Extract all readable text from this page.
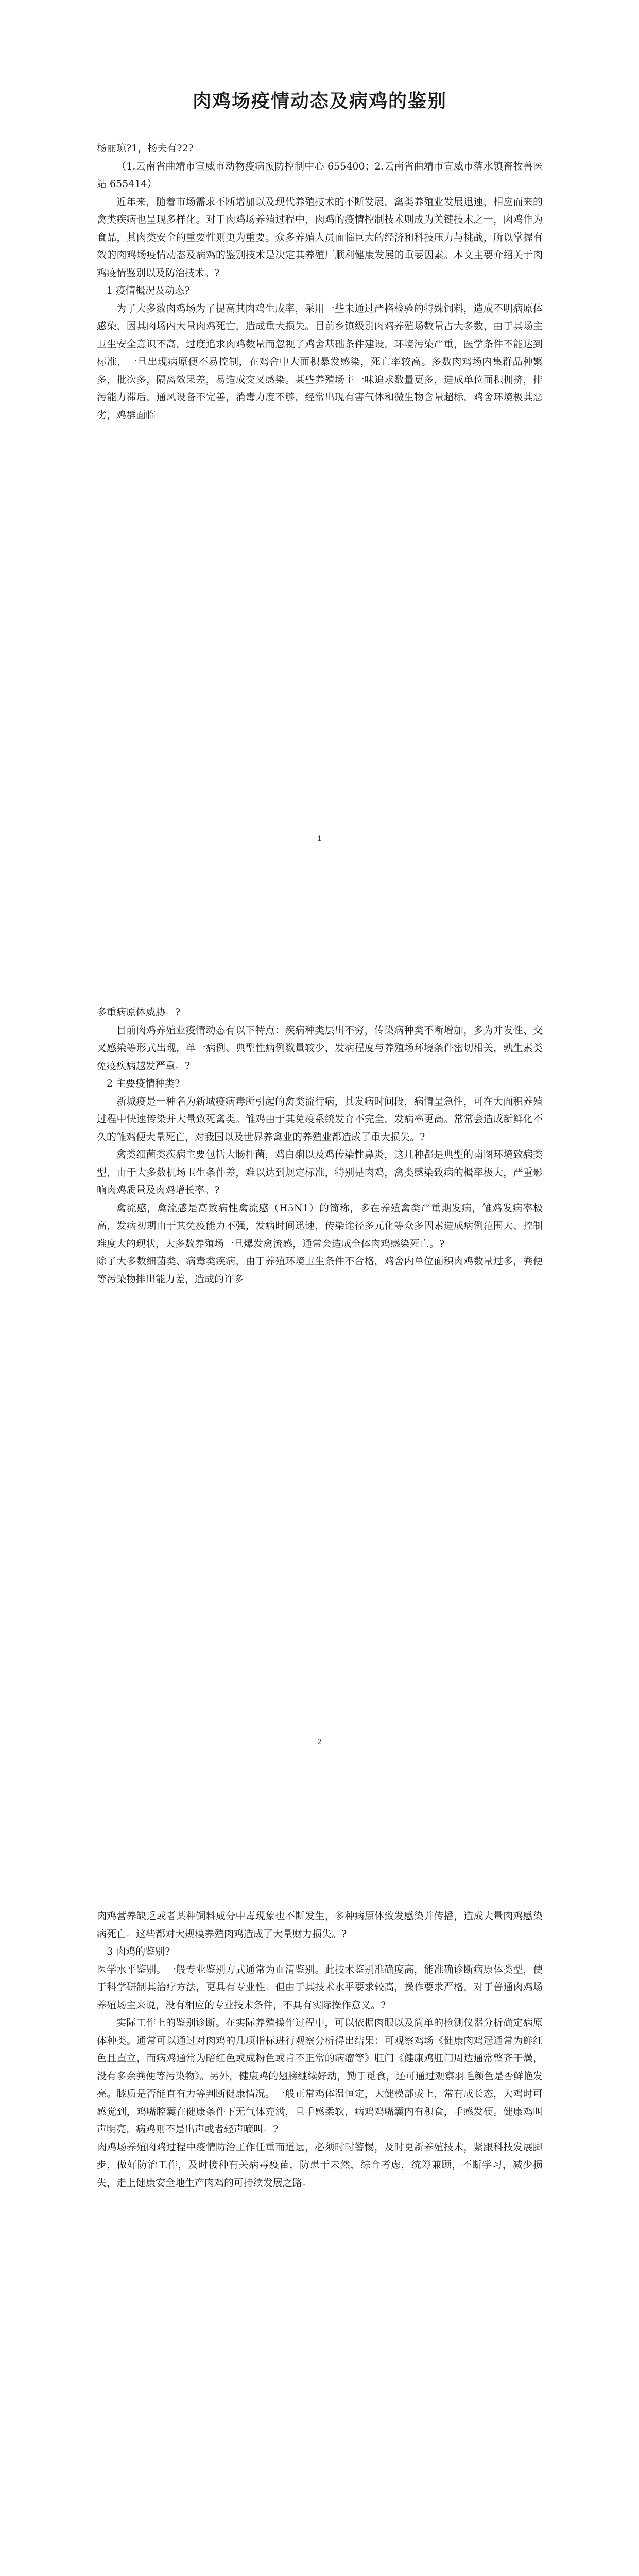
肉鸡场疫情动态及病鸡的鉴别

杨丽琼?1，杨夫有?2?

（1.云南省曲靖市宣威市动物疫病预防控制中心 655400；2.云南省曲靖市宣威市落水镇畜牧兽医站 655414）

近年来，随着市场需求不断增加以及现代养殖技术的不断发展，禽类养殖业发展迅速，相应而来的禽类疾病也呈现多样化。对于肉鸡场养殖过程中，肉鸡的疫情控制技术则成为关键技术之一，肉鸡作为食品，其肉类安全的重要性则更为重要。众多养殖人员面临巨大的经济和科技压力与挑战，所以掌握有效的肉鸡场疫情动态及病鸡的鉴别技术是决定其养殖厂顺利健康发展的重要因素。本文主要介绍关于肉鸡疫情鉴别以及防治技术。?

1 疫情概况及动态?

为了大多数肉鸡场为了提高其肉鸡生成率，采用一些未通过严格检验的特殊饲料，造成不明病原体感染，因其肉场内大量肉鸡死亡，造成重大损失。目前乡镇级别肉鸡养殖场数量占大多数，由于其场主卫生安全意识不高，过度追求肉鸡数量而忽视了鸡舍基础条件建设，环境污染严重，医学条件不能达到标准，一旦出现病原便不易控制，在鸡舍中大面积暴发感染，死亡率较高。多数肉鸡场内集群品种繁多，批次多，隔离效果差，易造成交叉感染。某些养殖场主一味追求数量更多，造成单位面积拥挤，排污能力滞后，通风设备不完善，消毒力度不够，经常出现有害气体和微生物含量超标，鸡舍环境极其恶劣，鸡群面临

1

多重病原体威胁。?

目前肉鸡养殖业疫情动态有以下特点：疾病种类层出不穷，传染病种类不断增加，多为并发性、交叉感染等形式出现，单一病例、典型性病例数量较少，发病程度与养殖场环境条件密切相关，孰生素类免疫疾病越发严重。?

2 主要疫情种类?

新城疫是一种名为新城疫病毒所引起的禽类流行病，其发病时间段，病情呈急性，可在大面积养殖过程中快速传染并大量致死禽类。雏鸡由于其免疫系统发育不完全，发病率更高。常常会造成新鲜化不久的雏鸡便大量死亡，对我国以及世界养禽业的养殖业都造成了重大损失。?

禽类细菌类疾病主要包括大肠杆菌，鸡白痢以及鸡传染性鼻炎，这几种都是典型的南图环境致病类型，由于大多数机场卫生条件差，难以达到规定标准，特别是肉鸡，禽类感染致病的概率极大，严重影响肉鸡质量及肉鸡增长率。?

禽流感，禽流感是高致病性禽流感（H5N1）的简称，多在养殖禽类严重期发病，雏鸡发病率极高，发病初期由于其免疫能力不强，发病时间迅速，传染途径多元化等众多因素造成病例范围大、控制难度大的现状，大多数养殖场一旦爆发禽流感，通常会造成全体肉鸡感染死亡。?

除了大多数细菌类、病毒类疾病，由于养殖环境卫生条件不合格，鸡舍内单位面积肉鸡数量过多，粪便等污染物排出能力差，造成的许多

2

肉鸡营养缺乏或者某种饲料成分中毒现象也不断发生，多种病原体致发感染并传播，造成大量肉鸡感染病死亡。这些都对大规模养殖肉鸡造成了大量财力损失。?

3 肉鸡的鉴别?

医学水平鉴别。一般专业鉴别方式通常为血清鉴别。此技术鉴别准确度高，能准确诊断病原体类型，使于科学研制其治疗方法，更具有专业性。但由于其技术水平要求较高，操作要求严格，对于普通肉鸡场养殖场主来说，没有相应的专业技术条件，不具有实际操作意义。?

实际工作上的鉴别诊断。在实际养殖操作过程中，可以依据肉眼以及简单的检测仪器分析确定病原体种类。通常可以通过对肉鸡的几项指标进行观察分析得出结果：可观察鸡场《健康肉鸡冠通常为鲜红色且直立，而病鸡通常为暗红色或成粉色或肯不正常的病瘤等》肛门《健康鸡肛门周边通常整齐干燥，没有多余粪便等污染物》。另外，健康鸡的翅膀继续好动，勤于觅食，还可通过观察羽毛颜色是否鲜艳发亮。膝质是否能直有力等判断健康情况。一般正常鸡体温恒定，大健模部或上，常有成长态，大鸡时可感觉到，鸡嘴腔囊在健康条件下无气体充满，且手感柔软，病鸡鸡嘴囊内有积食，手感发硬。健康鸡叫声明亮，病鸡则不是出声或者轻声嘀叫。?

肉鸡场养殖肉鸡过程中疫情防治工作任重而道远，必须时时警惕，及时更新养殖技术，紧跟科技发展脚步，做好防治工作，及时接种有关病毒疫苗，防患于未然，综合考虑，统筹兼顾，不断学习，减少损失，走上健康安全地生产肉鸡的可持续发展之路。
